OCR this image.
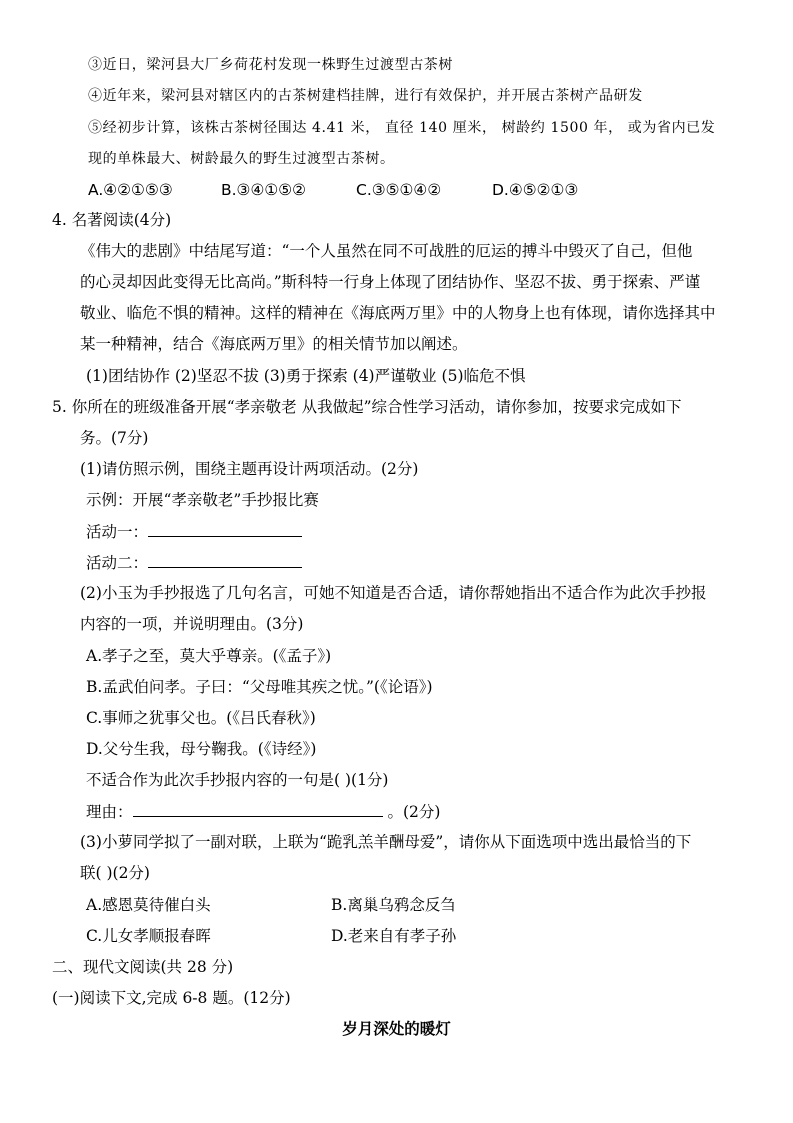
③近日，梁河县大厂乡荷花村发现一株野生过渡型古茶树
④近年来，梁河县对辖区内的古茶树建档挂牌，进行有效保护，并开展古茶树产品研发
⑤经初步计算，该株古茶树径围达 4.41 米， 直径 140 厘米， 树龄约 1500 年， 或为省内已发
现的单株最大、树龄最久的野生过渡型古茶树。
A.④②①⑤③	B.③④①⑤②	C.③⑤①④②	D.④⑤②①③
4. 名著阅读(4分)
《伟大的悲剧》中结尾写道：“一个人虽然在同不可战胜的厄运的搏斗中毁灭了自己，但他
的心灵却因此变得无比高尚。”斯科特一行身上体现了团结协作、坚忍不拔、勇于探索、严谨
敬业、临危不惧的精神。这样的精神在《海底两万里》中的人物身上也有体现，请你选择其中
某一种精神，结合《海底两万里》的相关情节加以阐述。
(1)团结协作 (2)坚忍不拔 (3)勇于探索 (4)严谨敬业 (5)临危不惧
5. 你所在的班级准备开展“孝亲敬老 从我做起”综合性学习活动，请你参加，按要求完成如下
务。(7分)
(1)请仿照示例，围绕主题再设计两项活动。(2分)
示例：开展“孝亲敬老”手抄报比赛
活动一：
活动二：
(2)小玉为手抄报选了几句名言，可她不知道是否合适，请你帮她指出不适合作为此次手抄报
内容的一项，并说明理由。(3分)
A.孝子之至，莫大乎尊亲。(《孟子》)
B.孟武伯问孝。子曰：“父母唯其疾之忧。”(《论语》)
C.事师之犹事父也。(《吕氏春秋》)
D.父兮生我，母兮鞠我。(《诗经》)
不适合作为此次手抄报内容的一句是( )(1分)
理由：	。(2分)
(3)小萝同学拟了一副对联，上联为“跪乳羔羊酬母爱”，请你从下面选项中选出最恰当的下
联( )(2分)
A.感恩莫待催白头	B.离巢乌鸦念反刍
C.儿女孝顺报春晖	D.老来自有孝子孙
二、现代文阅读(共 28 分)
(一)阅读下文,完成 6-8 题。(12分)
岁月深处的暖灯
